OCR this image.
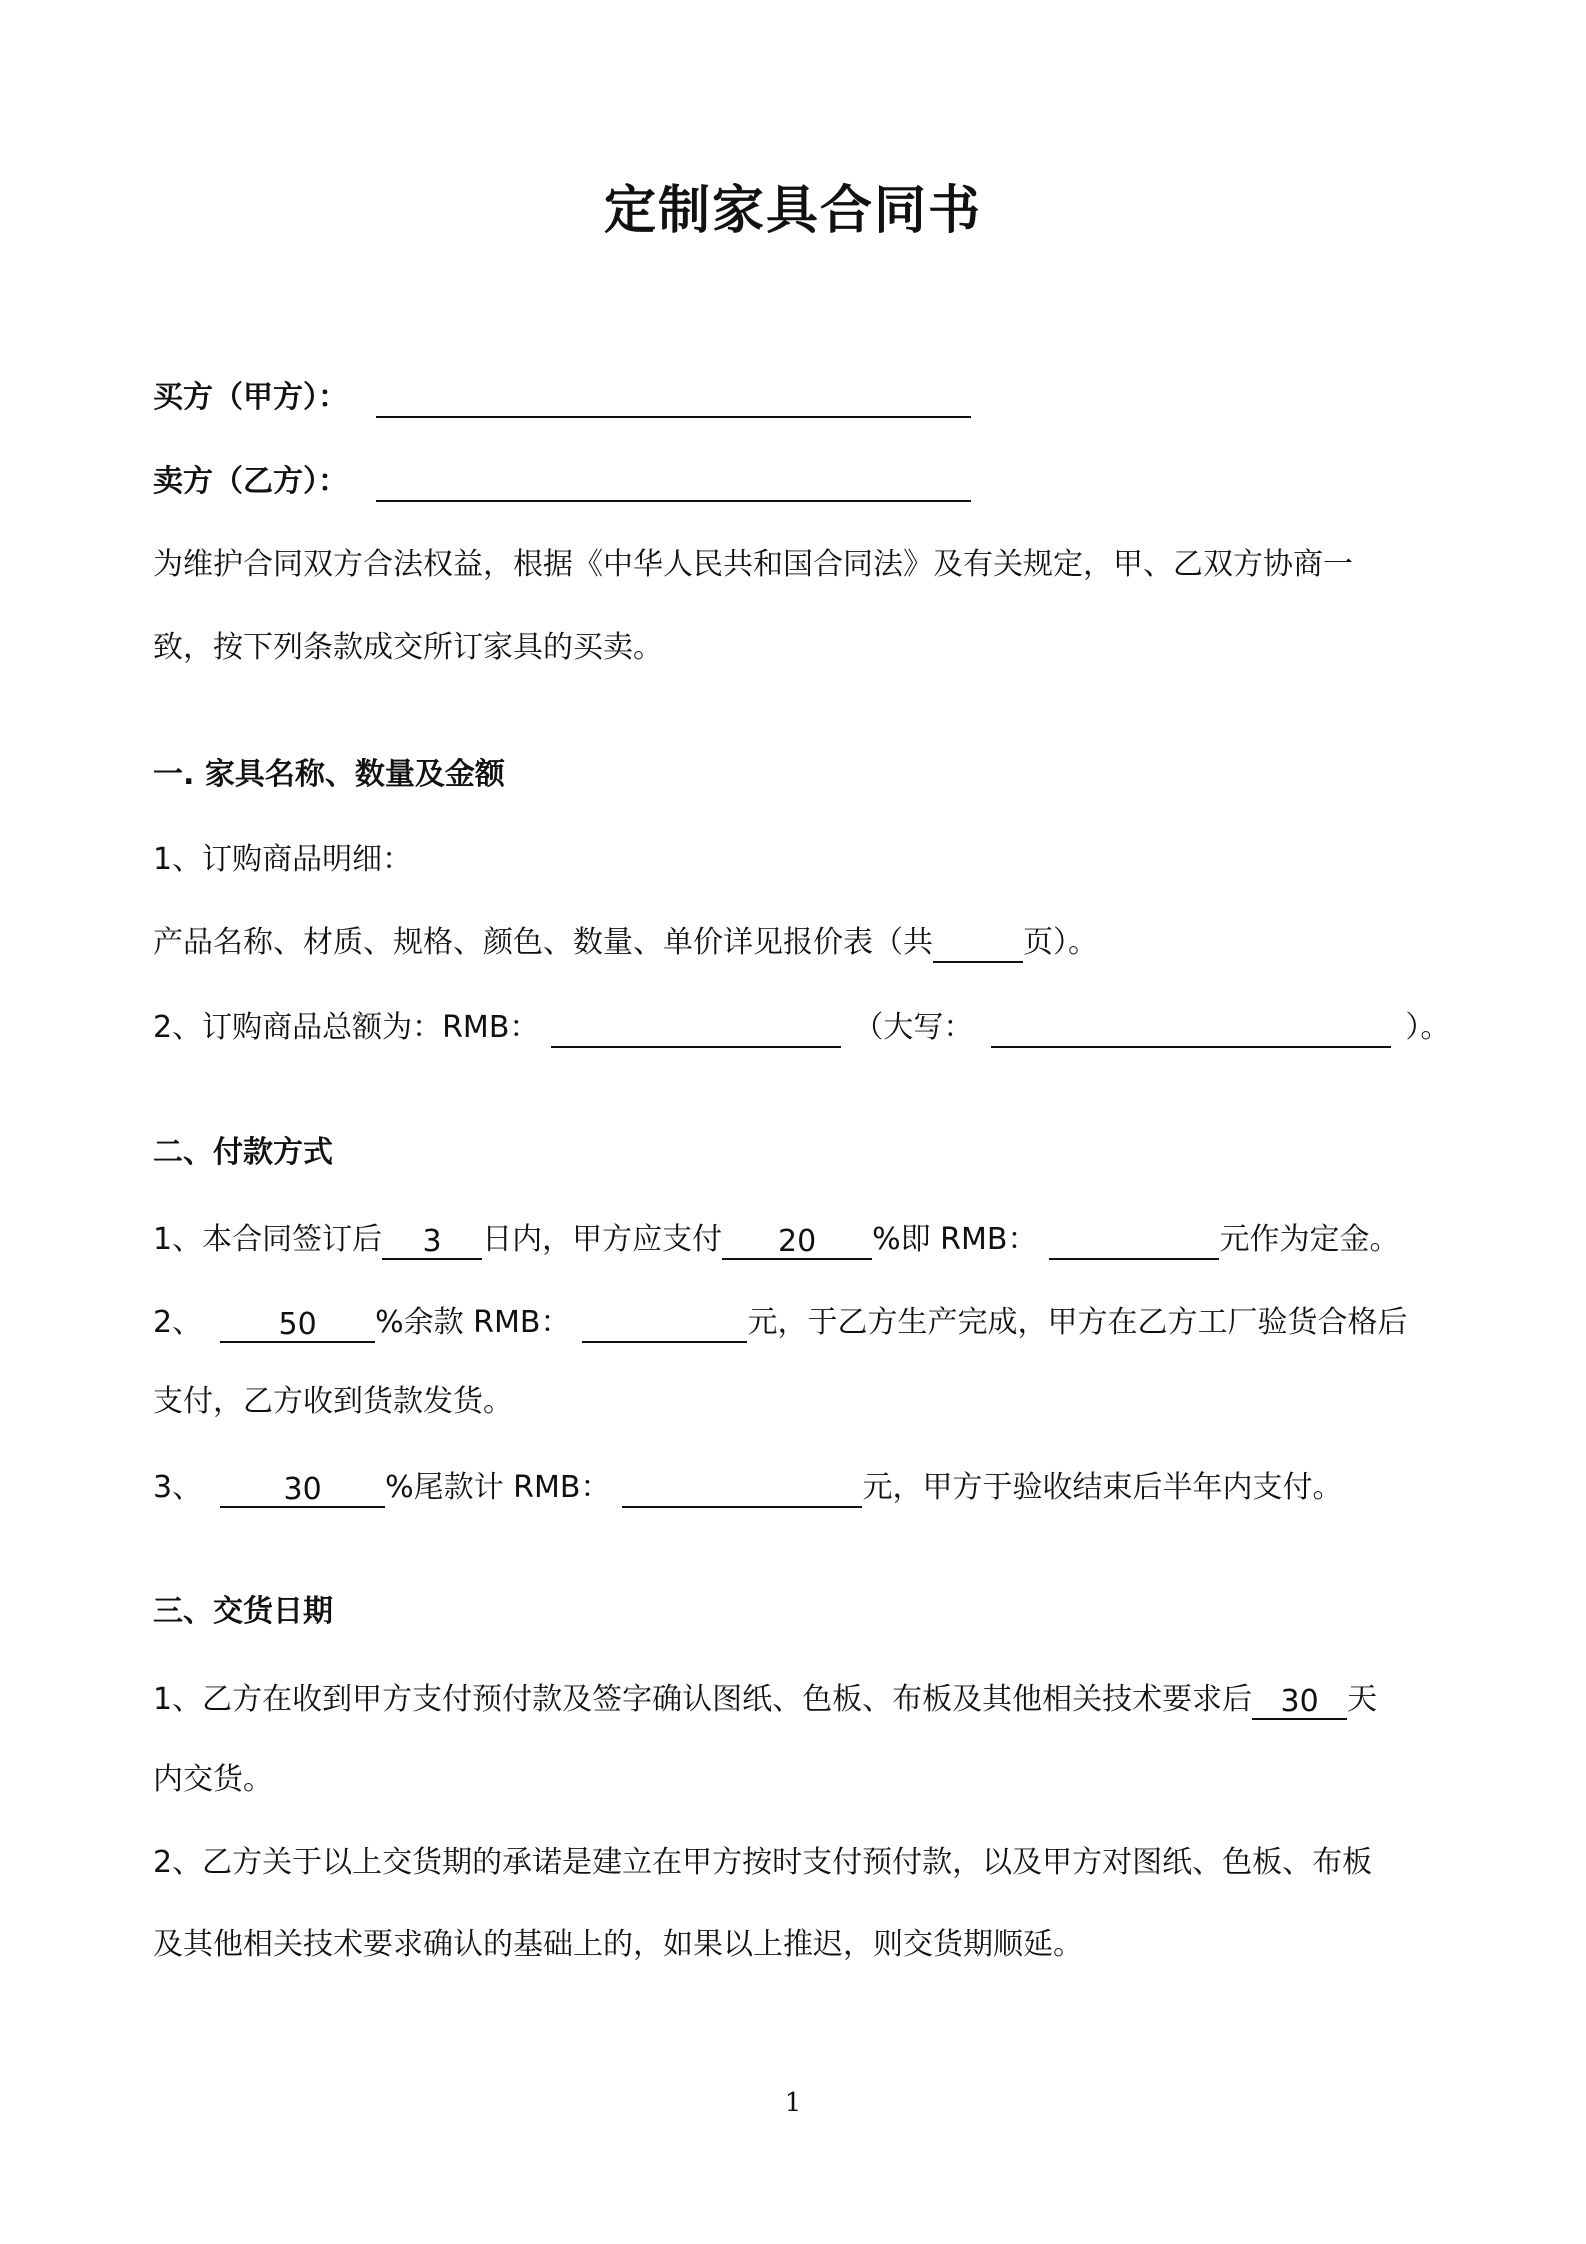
定制家具合同书
买方（甲方）：
卖方（乙方）：
为维护合同双方合法权益，根据《中华人民共和国合同法》及有关规定，甲、乙双方协商一
致，按下列条款成交所订家具的买卖。
一. 家具名称、数量及金额
1、订购商品明细：
产品名称、材质、规格、颜色、数量、单价详见报价表（共	页）。
2、订购商品总额为：RMB：	（大写：	）。
二、付款方式
1、本合同签订后 3 日内，甲方应支付 20 %即 RMB：	元作为定金。
2、	50 %余款 RMB：	元，于乙方生产完成，甲方在乙方工厂验货合格后
支付，乙方收到货款发货。
3、	30 %尾款计 RMB：	元，甲方于验收结束后半年内支付。
三、交货日期
1、乙方在收到甲方支付预付款及签字确认图纸、色板、布板及其他相关技术要求后 30 天
内交货。
2、乙方关于以上交货期的承诺是建立在甲方按时支付预付款，以及甲方对图纸、色板、布板
及其他相关技术要求确认的基础上的，如果以上推迟，则交货期顺延。
1
